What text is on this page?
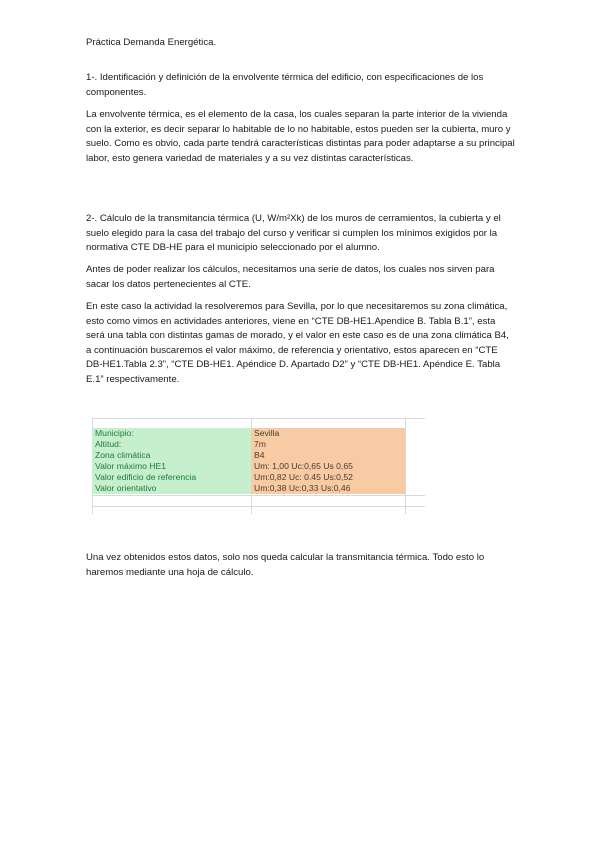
Práctica Demanda Energética.

1-. Identificación y definición de la envolvente térmica del edificio, con especificaciones de los componentes.

La envolvente térmica, es el elemento de la casa, los cuales separan la parte interior de la vivienda con la exterior, es decir separar lo habitable de lo no habitable, estos pueden ser la cubierta, muro y suelo. Como es obvio, cada parte tendrá características distintas para poder adaptarse a su principal labor, esto genera variedad de materiales y a su vez distintas características.

2-. Cálculo de la transmitancia térmica (U, W/m²Xk) de los muros de cerramientos, la cubierta y el suelo elegido para la casa del trabajo del curso y verificar si cumplen los mínimos exigidos por la normativa CTE DB-HE para el municipio seleccionado por el alumno.

Antes de poder realizar los cálculos, necesitamos una serie de datos, los cuales nos sirven para sacar los datos pertenecientes al CTE.

En este caso la actividad la resolveremos para Sevilla, por lo que necesitaremos su zona climática, esto como vimos en actividades anteriores, viene en “CTE DB-HE1.Apendice B. Tabla B.1”, esta será una tabla con distintas gamas de morado, y el valor en este caso es de una zona climática B4, a continuación buscaremos el valor máximo, de referencia y orientativo, estos aparecen en “CTE DB-HE1.Tabla 2.3”, “CTE DB-HE1. Apéndice D. Apartado D2” y “CTE DB-HE1. Apéndice E. Tabla E.1” respectivamente.

Municipio:	Sevilla
Altitud:	7m
Zona climática	B4
Valor máximo HE1	Um: 1,00 Uc:0,65 Us 0,65
Valor edificio de referencia	Um:0,82 Uc: 0.45 Us:0,52
Valor orientativo	Um:0,38 Uc:0,33 Us:0,46

Una vez obtenidos estos datos, solo nos queda calcular la transmitancia térmica. Todo esto lo haremos mediante una hoja de cálculo.
